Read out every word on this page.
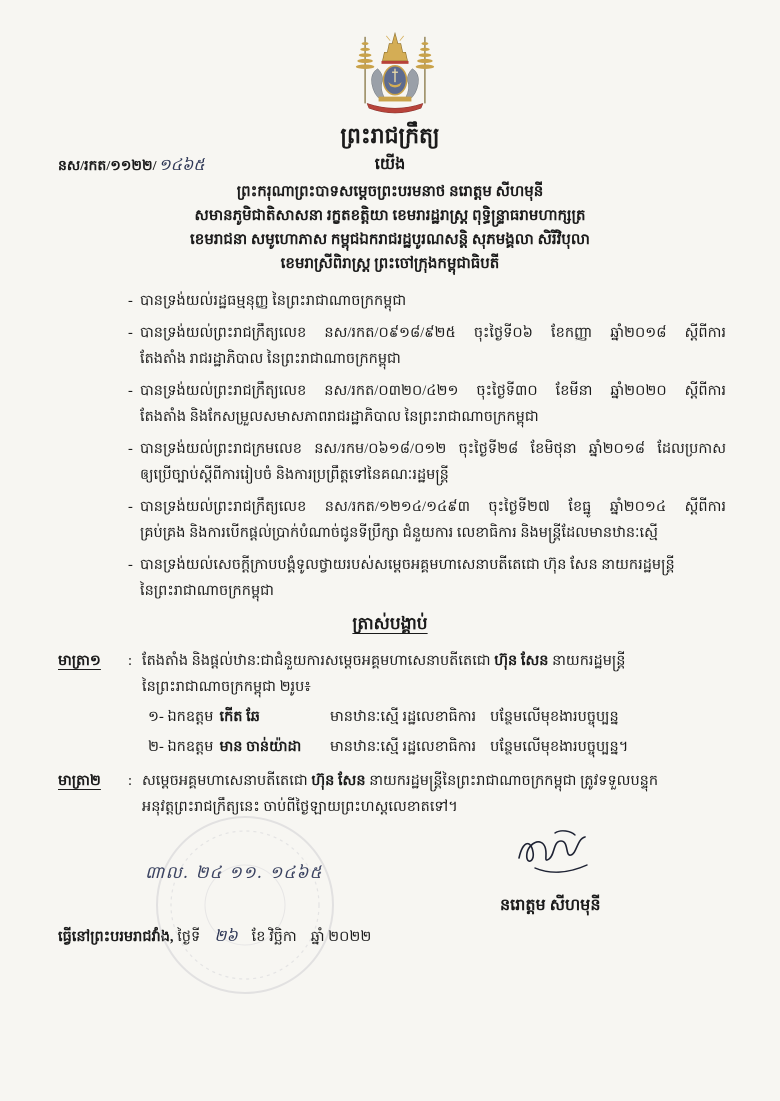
ព្រះរាជក្រឹត្យ
នស/រកត/១១២២/ ១៤៦៥	យើង
ព្រះករុណាព្រះបាទសម្តេចព្រះបរមនាថ នរោត្តម សីហមុនី
សមានភូមិជាតិសាសនា រក្ខតខត្តិយា ខេមរារដ្ឋរាស្ត្រ ពុទ្ធិន្ទ្រាធរាមហាក្សត្រ
ខេមរាជនា សមូហោភាស កម្ពុជឯករាជរដ្ឋបូរណសន្តិ សុភមង្គលា សិរីវិបុលា
ខេមរាស្រីពិរាស្ត្រ ព្រះចៅក្រុងកម្ពុជាធិបតី
- បានទ្រង់យល់រដ្ឋធម្មនុញ្ញ នៃព្រះរាជាណាចក្រកម្ពុជា
- បានទ្រង់យល់ព្រះរាជក្រឹត្យលេខ នស/រកត/០៩១៨/៩២៥ ចុះថ្ងៃទី០៦ ខែកញ្ញា ឆ្នាំ២០១៨ ស្តីពីការ
តែងតាំង រាជរដ្ឋាភិបាល នៃព្រះរាជាណាចក្រកម្ពុជា
- បានទ្រង់យល់ព្រះរាជក្រឹត្យលេខ នស/រកត/០៣២០/៤២១ ចុះថ្ងៃទី៣០ ខែមីនា ឆ្នាំ២០២០ ស្តីពីការ
តែងតាំង និងកែសម្រួលសមាសភាពរាជរដ្ឋាភិបាល នៃព្រះរាជាណាចក្រកម្ពុជា
- បានទ្រង់យល់ព្រះរាជក្រមលេខ នស/រកម/០៦១៨/០១២ ចុះថ្ងៃទី២៨ ខែមិថុនា ឆ្នាំ២០១៨ ដែលប្រកាស
ឲ្យប្រើច្បាប់ស្តីពីការរៀបចំ និងការប្រព្រឹត្តទៅនៃគណៈរដ្ឋមន្ត្រី
- បានទ្រង់យល់ព្រះរាជក្រឹត្យលេខ នស/រកត/១២១៤/១៤៩៣ ចុះថ្ងៃទី២៧ ខែធ្នូ ឆ្នាំ២០១៤ ស្តីពីការ
គ្រប់គ្រង និងការបើកផ្តល់ប្រាក់បំណាច់ជូនទីប្រឹក្សា ជំនួយការ លេខាធិការ និងមន្ត្រីដែលមានឋានៈស្មើ
- បានទ្រង់យល់សេចក្តីក្រាបបង្គំទូលថ្វាយរបស់សម្តេចអគ្គមហាសេនាបតីតេជោ ហ៊ុន សែន នាយករដ្ឋមន្ត្រី
នៃព្រះរាជាណាចក្រកម្ពុជា
ត្រាស់បង្គាប់
មាត្រា១	: តែងតាំង និងផ្តល់ឋានៈជាជំនួយការសម្តេចអគ្គមហាសេនាបតីតេជោ ហ៊ុន សែន នាយករដ្ឋមន្ត្រី
នៃព្រះរាជាណាចក្រកម្ពុជា ២រូប៖
១- ឯកឧត្តម កើត ឆែ	មានឋានៈស្មើ រដ្ឋលេខាធិការ បន្ថែមលើមុខងារបច្ចុប្បន្ន
២- ឯកឧត្តម មាន ចាន់យ៉ាដា	មានឋានៈស្មើ រដ្ឋលេខាធិការ បន្ថែមលើមុខងារបច្ចុប្បន្ន។
មាត្រា២	: សម្តេចអគ្គមហាសេនាបតីតេជោ ហ៊ុន សែន នាយករដ្ឋមន្ត្រីនៃព្រះរាជាណាចក្រកម្ពុជា ត្រូវទទួលបន្ទុក
អនុវត្តព្រះរាជក្រឹត្យនេះ ចាប់ពីថ្ងៃឡាយព្រះហស្តលេខាតទៅ។
៣ាល. ២៤ ១១. ១៤៦៥
នរោត្តម សីហមុនី
ធ្វើនៅព្រះបរមរាជវាំង, ថ្ងៃទី ២៦ ខែ វិច្ឆិកា ឆ្នាំ ២០២២
